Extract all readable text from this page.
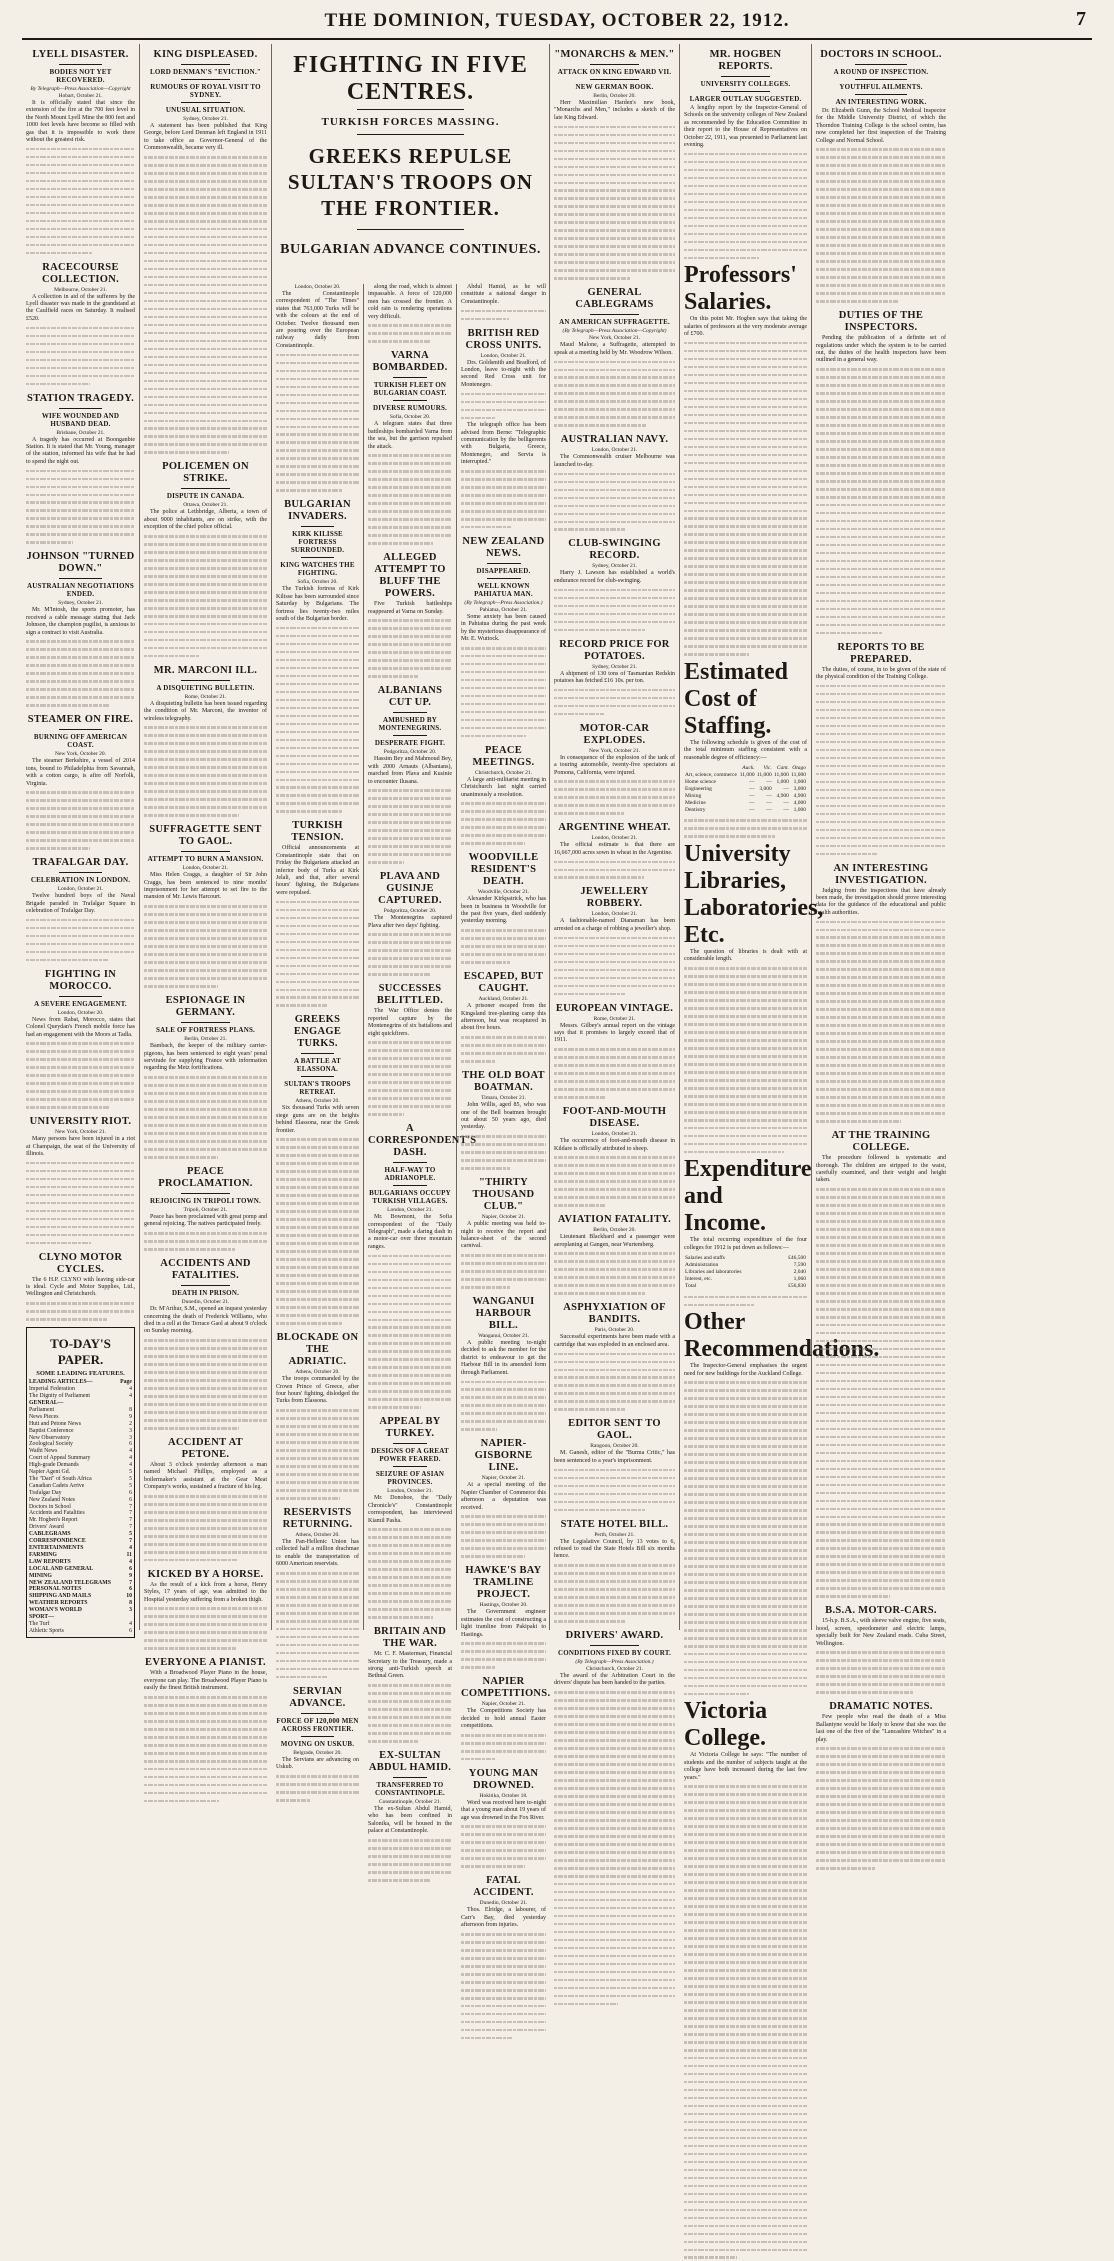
THE DOMINION, TUESDAY, OCTOBER 22, 1912.	7
LYELL DISASTER.
BODIES NOT YET RECOVERED.
By Telegraph—Press Association—Copyright
Hobart, October 21.

It is officially stated that since the extension of the fire at the 700 feet level in the North Mount Lyell Mine the 800 feet and 1000 feet levels have become so filled with gas that it is impossible to work there without the greatest risk.

RACECOURSE COLLECTION.
Melbourne, October 21.

A collection in aid of the sufferers by the Lyell disaster was made in the grandstand at the Caulfield races on Saturday. It realised £520.

STATION TRAGEDY.
WIFE WOUNDED AND HUSBAND DEAD.
Brisbane, October 21.

A tragedy has occurred at Boonganbie Station. It is stated that Mr. Young, manager of the station, informed his wife that he had to spend the night out.

JOHNSON "TURNED DOWN."
AUSTRALIAN NEGOTIATIONS ENDED.
Sydney, October 21.

Mr. M'Intosh, the sports promoter, has received a cable message stating that Jack Johnson, the champion pugilist, is anxious to sign a contract to visit Australia.

STEAMER ON FIRE.
BURNING OFF AMERICAN COAST.
New York, October 20.

The steamer Berkshire, a vessel of 2014 tons, bound to Philadelphia from Savannah, with a cotton cargo, is afire off Norfolk, Virginia.

TRAFALGAR DAY.
CELEBRATION IN LONDON.
London, October 21.

Twelve hundred boys of the Naval Brigade paraded in Trafalgar Square in celebration of Trafalgar Day.

FIGHTING IN MOROCCO.
A SEVERE ENGAGEMENT.
London, October 20.

News from Rabat, Morocco, states that Colonel Queydan's French mobile force has had an engagement with the Moors at Tadla.

UNIVERSITY RIOT.
New York, October 21.

Many persons have been injured in a riot at Champaign, the seat of the University of Illinois.

CLYNO MOTOR CYCLES.

The 6 H.P. CLYNO with leaving side-car is ideal. Cycle and Motor Supplies, Ltd., Wellington and Christchurch.

TO-DAY'S PAPER.
SOME LEADING FEATURES.
LEADING ARTICLES—	Page
Imperial Federation	4
The Dignity of Parliament	4
GENERAL—
Parliament	8
News Pieces	9
Hutt and Petone News	2
Baptist Conference	3
New Observatory	3
Zoological Society	6
Waihi News	4
Court of Appeal Summary	4
High-grade Demands	4
Napier Agent Gd.	5
The "Dart" of South Africa	5
Canadian Cadets Arrive	5
Trafalgar Day	6
New Zealand Notes	6
Doctors in School	7
Accidents and Fatalities	7
Mr. Hogben's Report	7
Drivers' Award	7
CABLEGRAMS	5
CORRESPONDENCE	7
ENTERTAINMENTS	4
FARMING	11
LAW REPORTS	4
LOCAL AND GENERAL	6
MINING	9
NEW ZEALAND TELEGRAMS	7
PERSONAL NOTES	6
SHIPPING AND MAILS	10
WEATHER REPORTS	8
WOMAN'S WORLD	3
SPORT—
The Turf	4
Athletic Sports	6
KING DISPLEASED.
LORD DENMAN'S "EVICTION."
RUMOURS OF ROYAL VISIT TO SYDNEY.
UNUSUAL SITUATION.
Sydney, October 21.

A statement has been published that King George, before Lord Denman left England in 1911 to take office as Governor-General of the Commonwealth, became very ill.

POLICEMEN ON STRIKE.
DISPUTE IN CANADA.
Ottawa, October 21.

The police at Lethbridge, Alberta, a town of about 9000 inhabitants, are on strike, with the exception of the chief police official.

MR. MARCONI ILL.
A DISQUIETING BULLETIN.
Rome, October 21.

A disquieting bulletin has been issued regarding the condition of Mr. Marconi, the inventor of wireless telegraphy.

SUFFRAGETTE SENT TO GAOL.
ATTEMPT TO BURN A MANSION.
London, October 21.

Miss Helen Craggs, a daughter of Sir John Craggs, has been sentenced to nine months' imprisonment for her attempt to set fire to the mansion of Mr. Lewis Harcourt.

ESPIONAGE IN GERMANY.
SALE OF FORTRESS PLANS.
Berlin, October 21.

Bambach, the keeper of the military carrier-pigeons, has been sentenced to eight years' penal servitude for supplying France with information regarding the Metz fortifications.

PEACE PROCLAMATION.
REJOICING IN TRIPOLI TOWN.
Tripoli, October 21.

Peace has been proclaimed with great pomp and general rejoicing. The natives participated freely.

ACCIDENTS AND FATALITIES.
DEATH IN PRISON.
Dunedin, October 21.

Dr. M'Arthur, S.M., opened an inquest yesterday concerning the death of Frederick Williams, who died in a cell at the Terrace Gaol at about 9 o'clock on Sunday morning.

ACCIDENT AT PETONE.

About 3 o'clock yesterday afternoon a man named Michael Phillips, employed as a boilermaker's assistant at the Gear Meat Company's works, sustained a fracture of his leg.

KICKED BY A HORSE.

As the result of a kick from a horse, Henry Styles, 17 years of age, was admitted to the Hospital yesterday suffering from a broken thigh.

EVERYONE A PIANIST.

With a Broadwood Player Piano in the house, everyone can play. The Broadwood Player Piano is easily the finest British instrument.

FIGHTING IN FIVE CENTRES.
TURKISH FORCES MASSING.
GREEKS REPULSE SULTAN'S TROOPS ON THE FRONTIER.
BULGARIAN ADVANCE CONTINUES.
"MONARCHS & MEN."
ATTACK ON KING EDWARD VII.
NEW GERMAN BOOK.
Berlin, October 20.

Herr Maximilian Harden's new book, "Monarchs and Men," includes a sketch of the late King Edward.

GENERAL CABLEGRAMS
AN AMERICAN SUFFRAGETTE.
(By Telegraph—Press Association—Copyright)
New York, October 21.

Maud Malone, a Suffragette, attempted to speak at a meeting held by Mr. Woodrow Wilson.

AUSTRALIAN NAVY.
London, October 21.

The Commonwealth cruiser Melbourne was launched to-day.

CLUB-SWINGING RECORD.
Sydney, October 21.

Harry J. Lawson has established a world's endurance record for club-swinging.

RECORD PRICE FOR POTATOES.
Sydney, October 21.

A shipment of 130 tons of Tasmanian Redskin potatoes has fetched £16 10s. per ton.

MOTOR-CAR EXPLODES.
New York, October 21.

In consequence of the explosion of the tank of a touring automobile, twenty-five spectators at Pomona, California, were injured.

ARGENTINE WHEAT.
London, October 21.

The official estimate is that there are 16,667,000 acres sown in wheat in the Argentine.

JEWELLERY ROBBERY.
London, October 21.

A fashionable-named Dianaman has been arrested on a charge of robbing a jeweller's shop.

EUROPEAN VINTAGE.
Rome, October 21.

Messrs. Gilbey's annual report on the vintage says that it promises to largely exceed that of 1911.

FOOT-AND-MOUTH DISEASE.
London, October 21.

The occurrence of foot-and-mouth disease in Kildare is officially attributed to sheep.

AVIATION FATALITY.
Berlin, October 20.

Lieutenant Blackhard and a passenger were aeroplaning at Gangen, near Wurtemberg.

ASPHYXIATION OF BANDITS.
Paris, October 20.

Successful experiments have been made with a cartridge that was exploded in an enclosed area.

EDITOR SENT TO GAOL.
Rangoon, October 20.

M. Ganesh, editor of the "Burma Critic," has been sentenced to a year's imprisonment.

STATE HOTEL BILL.
Perth, October 21.

The Legislative Council, by 13 votes to 6, refused to read the State Hotels Bill six months hence.

DRIVERS' AWARD.
CONDITIONS FIXED BY COURT.
(By Telegraph—Press Association.)
Christchurch, October 21.

The award of the Arbitration Court in the drivers' dispute has been handed to the parties.

MR. HOGBEN REPORTS.
UNIVERSITY COLLEGES.
LARGER OUTLAY SUGGESTED.

A lengthy report by the Inspector-General of Schools on the university colleges of New Zealand as recommended by the Education Committee in their report to the House of Representatives on October 22, 1911, was presented to Parliament last evening.

Professors' Salaries.

On this point Mr. Hogben says that taking the salaries of professors at the very moderate average of £700.

Estimated Cost of Staffing.

The following schedule is given of the cost of the total minimum staffing consistent with a reasonable degree of efficiency:—

	Auck.	Vic.	Cant.	Otago
Art, science, commerce	11,000	11,000	11,000	11,000
Home science	—	—	1,000	1,000
Engineering	—	3,000	—	3,000
Mining	—	—	4,900	4,900
Medicine	—	—	—	4,000
Dentistry	—	—	—	1,000
University Libraries, Laboratories, Etc.

The question of libraries is dealt with at considerable length.

Expenditure and Income.

The total recurring expenditure of the four colleges for 1912 is put down as follows:—

Salaries and staffs	£46,500
Administration	7,590
Libraries and laboratories	2,040
Interest, etc.	1,060
Total	£56,830
Other Recommendations.

The Inspector-General emphasises the urgent need for new buildings for the Auckland College.

Victoria College.

At Victoria College he says: "The number of students and the number of subjects taught at the college have both increased during the last few years."

DOCTORS IN SCHOOL.
A ROUND OF INSPECTION.
YOUTHFUL AILMENTS.
AN INTERESTING WORK.

Dr. Elizabeth Gunn, the School Medical Inspector for the Middle University District, of which the Thorndon Training College is the school centre, has now completed her first inspection of the Training College and Normal School.

DUTIES OF THE INSPECTORS.

Pending the publication of a definite set of regulations under which the system is to be carried out, the duties of the health inspectors have been outlined in a general way.

REPORTS TO BE PREPARED.

The duties, of course, in to be given of the state of the physical condition of the Training College.

AN INTERESTING INVESTIGATION.

Judging from the inspections that have already been made, the investigation should prove interesting data for the guidance of the educational and public health authorities.

AT THE TRAINING COLLEGE.

The procedure followed is systematic and thorough. The children are stripped to the waist, carefully examined, and their weight and height taken.

B.S.A. MOTOR-CARS.

15-h.p. B.S.A., with sleeve valve engine, five seats, hood, screen, speedometer and electric lamps, specially built for New Zealand roads. Cuba Street, Wellington.

DRAMATIC NOTES.

Few people who read the death of a Miss Ballantyne would be likely to know that she was the last one of the five of the "Lancashire Witches" in a play.

London, October 20.

The Constantinople correspondent of "The Times" states that 763,000 Turks will be with the colours at the end of October. Twelve thousand men are pouring over the European railway daily from Constantinople.

BULGARIAN INVADERS.
KIRK KILISSE FORTRESS SURROUNDED.
KING WATCHES THE FIGHTING.
Sofia, October 20.

The Turkish fortress of Kirk Kilisse has been surrounded since Saturday by Bulgarians. The fortress lies twenty-two miles south of the Bulgarian border.

TURKISH TENSION.

Official announcements at Constantinople state that on Friday the Bulgarians attacked an inferior body of Turks at Kirk Jelali, and that, after several hours' fighting, the Bulgarians were repulsed.

GREEKS ENGAGE TURKS.
A BATTLE AT ELASSONA.
SULTAN'S TROOPS RETREAT.
Athens, October 20.

Six thousand Turks with seven siege guns are on the heights behind Elassona, near the Greek frontier.

BLOCKADE ON THE ADRIATIC.
Athens, October 20.

The troops commanded by the Crown Prince of Greece, after four hours' fighting, dislodged the Turks from Elassona.

RESERVISTS RETURNING.
Athens, October 20.

The Pan-Hellenic Union has collected half a million drachmae to enable the transportation of 6000 American reservists.

SERVIAN ADVANCE.
FORCE OF 120,000 MEN ACROSS FRONTIER.
MOVING ON USKUB.
Belgrade, October 20.

The Servians are advancing on Uskub.

along the road, which is almost impassable. A force of 120,000 men has crossed the frontier. A cold rain is rendering operations very difficult.

VARNA BOMBARDED.
TURKISH FLEET ON BULGARIAN COAST.
DIVERSE RUMOURS.
Sofia, October 20.

A telegram states that three battleships bombarded Varna from the sea, but the garrison repulsed the attack.

ALLEGED ATTEMPT TO BLUFF THE POWERS.

Five Turkish battleships reappeared at Varna on Sunday.

ALBANIANS CUT UP.
AMBUSHED BY MONTENEGRINS.
DESPERATE FIGHT.
Podgoritza, October 20.

Hassim Bey and Mahmoud Bey, with 2000 Arnauts (Albanians), marched from Plava and Kusinie to encounter Ilusana.

PLAVA AND GUSINJE CAPTURED.
Podgoritza, October 20.

The Montenegrins captured Plava after two days' fighting.

SUCCESSES BELITTLED.

The War Office denies the reported capture by the Montenegrins of six battalions and eight quickfirers.

A CORRESPONDENT'S DASH.
HALF-WAY TO ADRIANOPLE.
BULGARIANS OCCUPY TURKISH VILLAGES.
London, October 21.

Mr. Bowmont, the Sofia correspondent of the "Daily Telegraph", made a daring dash in a motor-car over three mountain ranges.

APPEAL BY TURKEY.
DESIGNS OF A GREAT POWER FEARED.
SEIZURE OF ASIAN PROVINCES.
London, October 21.

Mr. Donohoe, the "Daily Chronicle's" Constantinople correspondent, has interviewed Kiamil Pasha.

BRITAIN AND THE WAR.

Mr. C. F. Masterman, Financial Secretary to the Treasury, made a strong anti-Turkish speech at Bethnal Green.

EX-SULTAN ABDUL HAMID.
TRANSFERRED TO CONSTANTINOPLE.
Constantinople, October 21.

The ex-Sultan Abdul Hamid, who has been confined in Salonika, will be housed in the palace at Constantinople.

Abdul Hamid, as he will constitute a national danger in Constantinople.

BRITISH RED CROSS UNITS.
London, October 21.

Drs. Goldsmith and Bradford, of London, leave to-night with the second Red Cross unit for Montenegro.

The telegraph office has been advised from Berne: "Telegraphic communication by the belligerents with Bulgaria, Greece, Montenegro, and Servia is interrupted."

NEW ZEALAND NEWS.
DISAPPEARED.
WELL KNOWN PAHIATUA MAN.
(By Telegraph—Press Association.)
Pahiatua, October 21.

Some anxiety has been caused in Pahiatua during the past week by the mysterious disappearance of Mr. E. Wuttock.

PEACE MEETINGS.
Christchurch, October 21.

A large anti-militarist meeting in Christchurch last night carried unanimously a resolution.

WOODVILLE RESIDENT'S DEATH.
Woodville, October 21.

Alexander Kirkpatrick, who has been in business in Woodville for the past five years, died suddenly yesterday morning.

ESCAPED, BUT CAUGHT.
Auckland, October 21.

A prisoner escaped from the Kingsland tree-planting camp this afternoon, but was recaptured in about five hours.

THE OLD BOAT BOATMAN.
Timaru, October 21.

John Willis, aged 85, who was one of the Bell boatmen brought out about 50 years ago, died yesterday.

"THIRTY THOUSAND CLUB."
Napier, October 21.

A public meeting was held to-night to receive the report and balance-sheet of the second carnival.

WANGANUI HARBOUR BILL.
Wanganui, October 21.

A public meeting to-night decided to ask the member for the district to endeavour to get the Harbour Bill in its amended form through Parliament.

NAPIER-GISBORNE LINE.
Napier, October 21.

At a special meeting of the Napier Chamber of Commerce this afternoon a deputation was received.

HAWKE'S BAY TRAMLINE PROJECT.
Hastings, October 20.

The Government engineer estimates the cost of constructing a light tramline from Pakipaki to Hastings.

NAPIER COMPETITIONS.
Napier, October 21.

The Competitions Society has decided to hold annual Easter competitions.

YOUNG MAN DROWNED.
Hokitika, October 18.

Word was received here to-night that a young man about 19 years of age was drowned in the Fox River.

FATAL ACCIDENT.
Dunedin, October 21.

Thos. Elridge, a labourer, of Carr's Bay, died yesterday afternoon from injuries.
